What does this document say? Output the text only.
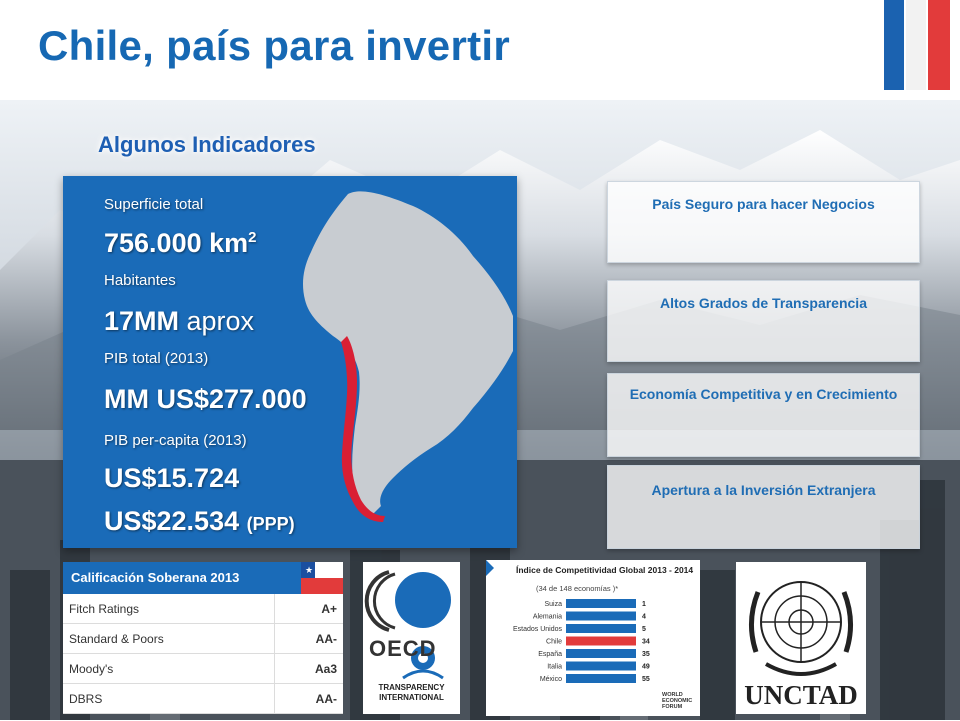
Chile, país para invertir
Algunos Indicadores
Superficie total
756.000 $km^2$
Habitantes
17MM aprox
PIB total (2013)
MM US$277.000
PIB per-capita (2013)
US$15.724
US$22.534 (PPP)
País Seguro para hacer Negocios
Altos Grados de Transparencia
Economía Competitiva y en Crecimiento
Apertura a la Inversión Extranjera
Calificación Soberana 2013	★
Fitch Ratings	A+
Standard & Poors	AA-
Moody's	Aa3
DBRS	AA-
OECD
TRANSPARENCY
INTERNATIONAL
Suiza	1
Alemania	4
Estados Unidos	5
Chile	34
España	35
Italia	49
México	55
Índice de Competitividad Global 2013 - 2014
(34 de 148 economías )*
WORLD
ECONOMIC
FORUM	UNCTAD
